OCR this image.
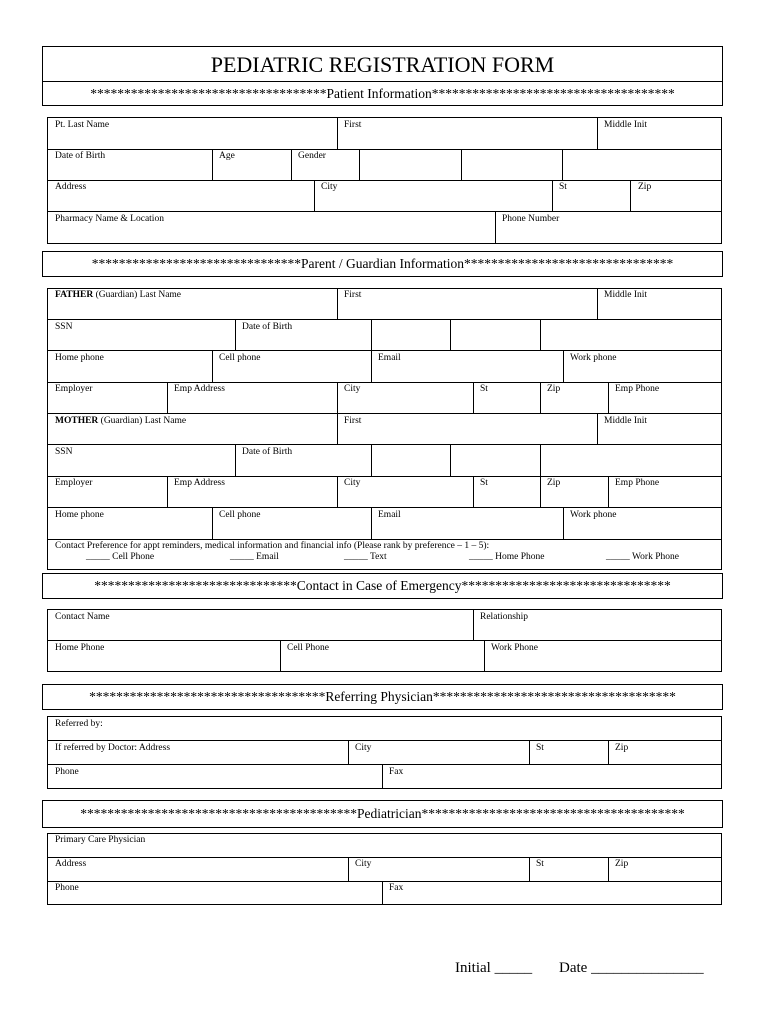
PEDIATRIC REGISTRATION FORM
***********************************Patient Information************************************
Pt. Last Name	First	Middle Init
Date of Birth	Age	Gender
Address	City	St	Zip
Pharmacy Name & Location	Phone Number
*******************************Parent / Guardian Information*******************************
FATHER (Guardian) Last Name	First	Middle Init
SSN	Date of Birth
Home phone	Cell phone	Email	Work phone
Employer	Emp Address	City	St	Zip	Emp Phone
MOTHER (Guardian) Last Name	First	Middle Init
SSN	Date of Birth
Employer	Emp Address	City	St	Zip	Emp Phone
Home phone	Cell phone	Email	Work phone
Contact Preference for appt reminders, medical information and financial info (Please rank by preference – 1 – 5):
_____ Cell Phone	_____ Email	_____ Text	_____ Home Phone	_____ Work Phone
******************************Contact in Case of Emergency*******************************
Contact Name	Relationship
Home Phone	Cell Phone	Work Phone
***********************************Referring Physician************************************
Referred by:
If referred by Doctor: Address	City	St	Zip
Phone	Fax
*****************************************Pediatrician***************************************
Primary Care Physician
Address	City	St	Zip
Phone	Fax
Initial _____ Date _______________
